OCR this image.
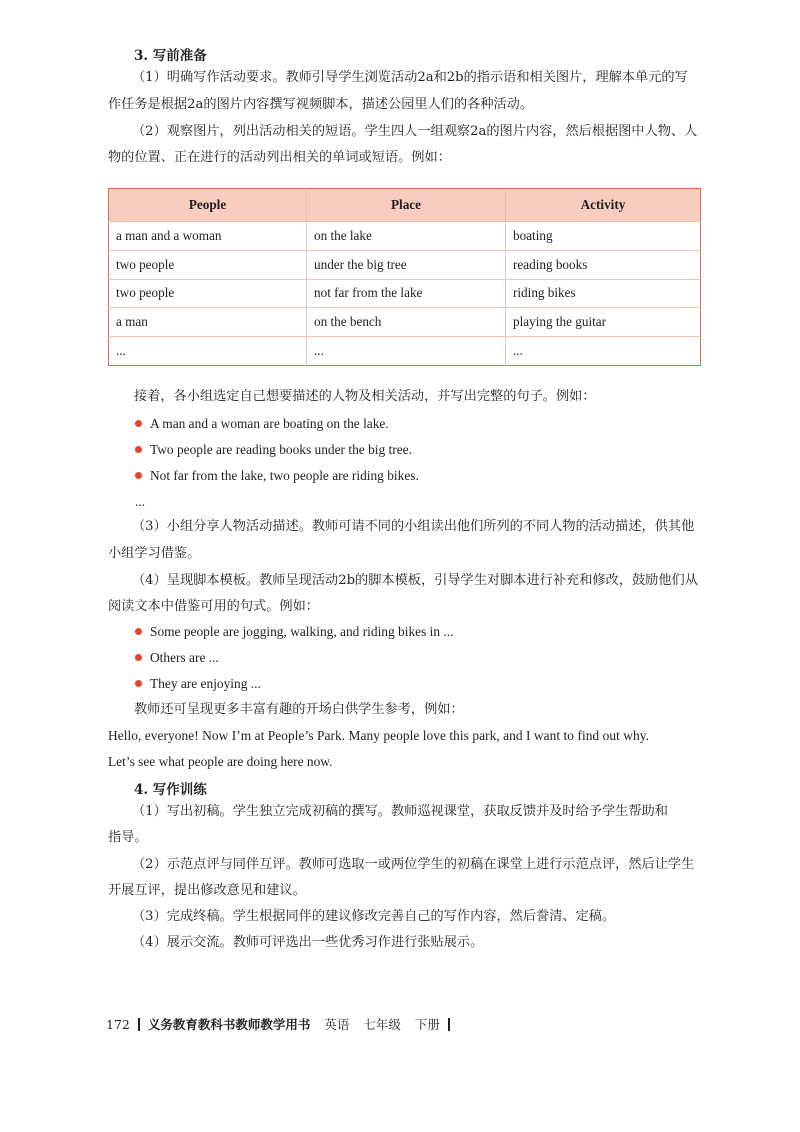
3. 写前准备
（1）明确写作活动要求。教师引导学生浏览活动2a和2b的指示语和相关图片，理解本单元的写
作任务是根据2a的图片内容撰写视频脚本，描述公园里人们的各种活动。
（2）观察图片，列出活动相关的短语。学生四人一组观察2a的图片内容，然后根据图中人物、人
物的位置、正在进行的活动列出相关的单词或短语。例如：
People	Place	Activity
a man and a woman	on the lake	boating
two people	under the big tree	reading books
two people	not far from the lake	riding bikes
a man	on the bench	playing the guitar
...	...	...
接着，各小组选定自己想要描述的人物及相关活动，并写出完整的句子。例如：
A man and a woman are boating on the lake.
Two people are reading books under the big tree.
Not far from the lake, two people are riding bikes.
...
（3）小组分享人物活动描述。教师可请不同的小组读出他们所列的不同人物的活动描述，供其他
小组学习借鉴。
（4）呈现脚本模板。教师呈现活动2b的脚本模板，引导学生对脚本进行补充和修改，鼓励他们从
阅读文本中借鉴可用的句式。例如：
Some people are jogging, walking, and riding bikes in ...
Others are ...
They are enjoying ...
教师还可呈现更多丰富有趣的开场白供学生参考，例如：
Hello, everyone! Now I’m at People’s Park. Many people love this park, and I want to find out why.
Let’s see what people are doing here now.
4. 写作训练
（1）写出初稿。学生独立完成初稿的撰写。教师巡视课堂，获取反馈并及时给予学生帮助和
指导。
（2）示范点评与同伴互评。教师可选取一或两位学生的初稿在课堂上进行示范点评，然后让学生
开展互评，提出修改意见和建议。
（3）完成终稿。学生根据同伴的建议修改完善自己的写作内容，然后誊清、定稿。
（4）展示交流。教师可评选出一些优秀习作进行张贴展示。
172 义务教育教科书教师教学用书 英语 七年级 下册
